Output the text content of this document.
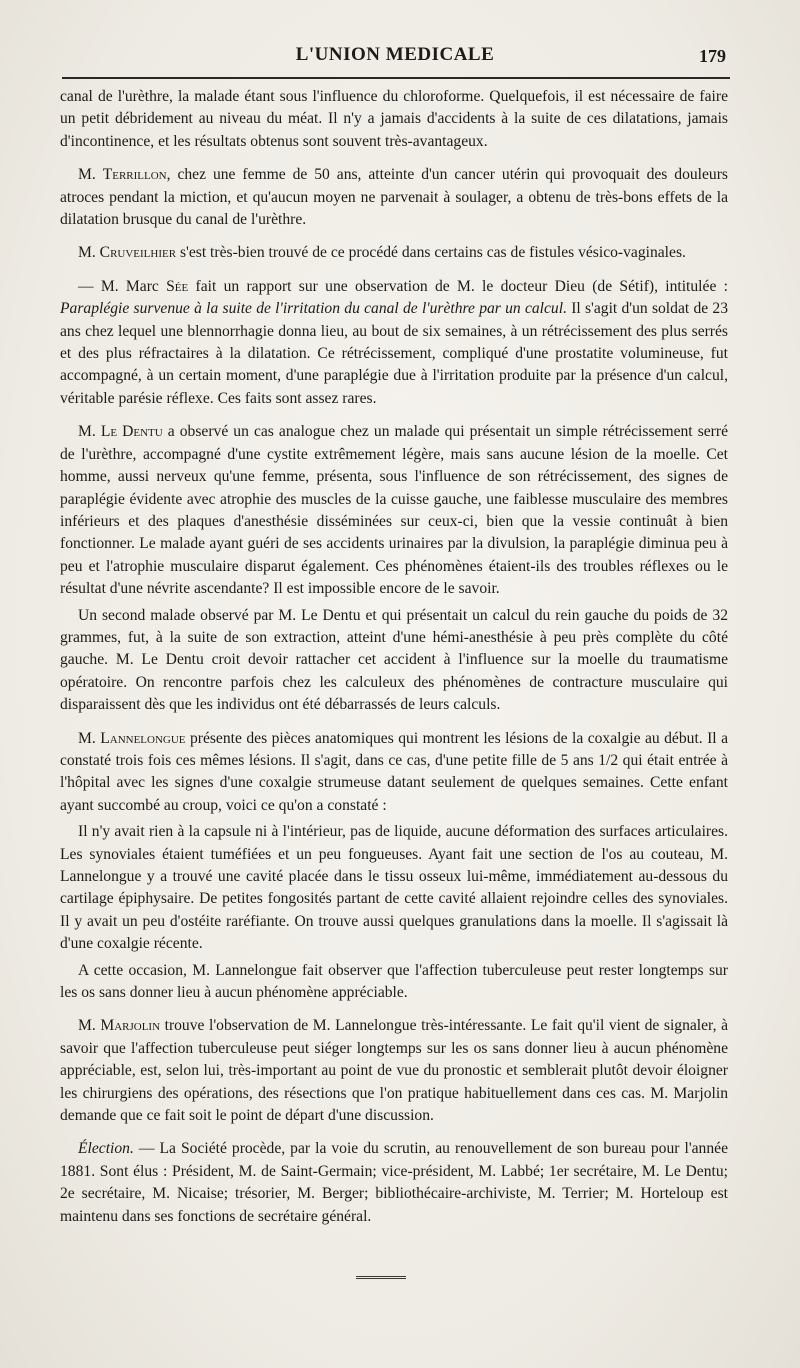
L'UNION MEDICALE	179

canal de l'urèthre, la malade étant sous l'influence du chloroforme. Quelquefois, il est nécessaire de faire un petit débridement au niveau du méat. Il n'y a jamais d'accidents à la suite de ces dilatations, jamais d'incontinence, et les résultats obtenus sont souvent très-avantageux.

M. Terrillon, chez une femme de 50 ans, atteinte d'un cancer utérin qui provoquait des douleurs atroces pendant la miction, et qu'aucun moyen ne parvenait à soulager, a obtenu de très-bons effets de la dilatation brusque du canal de l'urèthre.

M. Cruveilhier s'est très-bien trouvé de ce procédé dans certains cas de fistules vésico-vaginales.

— M. Marc Sée fait un rapport sur une observation de M. le docteur Dieu (de Sétif), intitulée : Paraplégie survenue à la suite de l'irritation du canal de l'urèthre par un calcul. Il s'agit d'un soldat de 23 ans chez lequel une blennorrhagie donna lieu, au bout de six semaines, à un rétrécissement des plus serrés et des plus réfractaires à la dilatation. Ce rétrécissement, compliqué d'une prostatite volumineuse, fut accompagné, à un certain moment, d'une paraplégie due à l'irritation produite par la présence d'un calcul, véritable parésie réflexe. Ces faits sont assez rares.

M. Le Dentu a observé un cas analogue chez un malade qui présentait un simple rétrécissement serré de l'urèthre, accompagné d'une cystite extrêmement légère, mais sans aucune lésion de la moelle. Cet homme, aussi nerveux qu'une femme, présenta, sous l'influence de son rétrécissement, des signes de paraplégie évidente avec atrophie des muscles de la cuisse gauche, une faiblesse musculaire des membres inférieurs et des plaques d'anesthésie disséminées sur ceux-ci, bien que la vessie continuât à bien fonctionner. Le malade ayant guéri de ses accidents urinaires par la divulsion, la paraplégie diminua peu à peu et l'atrophie musculaire disparut également. Ces phénomènes étaient-ils des troubles réflexes ou le résultat d'une névrite ascendante? Il est impossible encore de le savoir.

Un second malade observé par M. Le Dentu et qui présentait un calcul du rein gauche du poids de 32 grammes, fut, à la suite de son extraction, atteint d'une hémi-anesthésie à peu près complète du côté gauche. M. Le Dentu croit devoir rattacher cet accident à l'influence sur la moelle du traumatisme opératoire. On rencontre parfois chez les calculeux des phénomènes de contracture musculaire qui disparaissent dès que les individus ont été débarrassés de leurs calculs.

M. Lannelongue présente des pièces anatomiques qui montrent les lésions de la coxalgie au début. Il a constaté trois fois ces mêmes lésions. Il s'agit, dans ce cas, d'une petite fille de 5 ans 1/2 qui était entrée à l'hôpital avec les signes d'une coxalgie strumeuse datant seulement de quelques semaines. Cette enfant ayant succombé au croup, voici ce qu'on a constaté :

Il n'y avait rien à la capsule ni à l'intérieur, pas de liquide, aucune déformation des surfaces articulaires. Les synoviales étaient tuméfiées et un peu fongueuses. Ayant fait une section de l'os au couteau, M. Lannelongue y a trouvé une cavité placée dans le tissu osseux lui-même, immédiatement au-dessous du cartilage épiphysaire. De petites fongosités partant de cette cavité allaient rejoindre celles des synoviales. Il y avait un peu d'ostéite raréfiante. On trouve aussi quelques granulations dans la moelle. Il s'agissait là d'une coxalgie récente.

A cette occasion, M. Lannelongue fait observer que l'affection tuberculeuse peut rester longtemps sur les os sans donner lieu à aucun phénomène appréciable.

M. Marjolin trouve l'observation de M. Lannelongue très-intéressante. Le fait qu'il vient de signaler, à savoir que l'affection tuberculeuse peut siéger longtemps sur les os sans donner lieu à aucun phénomène appréciable, est, selon lui, très-important au point de vue du pronostic et semblerait plutôt devoir éloigner les chirurgiens des opérations, des résections que l'on pratique habituellement dans ces cas. M. Marjolin demande que ce fait soit le point de départ d'une discussion.

Élection. — La Société procède, par la voie du scrutin, au renouvellement de son bureau pour l'année 1881. Sont élus : Président, M. de Saint-Germain; vice-président, M. Labbé; 1er secrétaire, M. Le Dentu; 2e secrétaire, M. Nicaise; trésorier, M. Berger; bibliothécaire-archiviste, M. Terrier; M. Horteloup est maintenu dans ses fonctions de secrétaire général.
